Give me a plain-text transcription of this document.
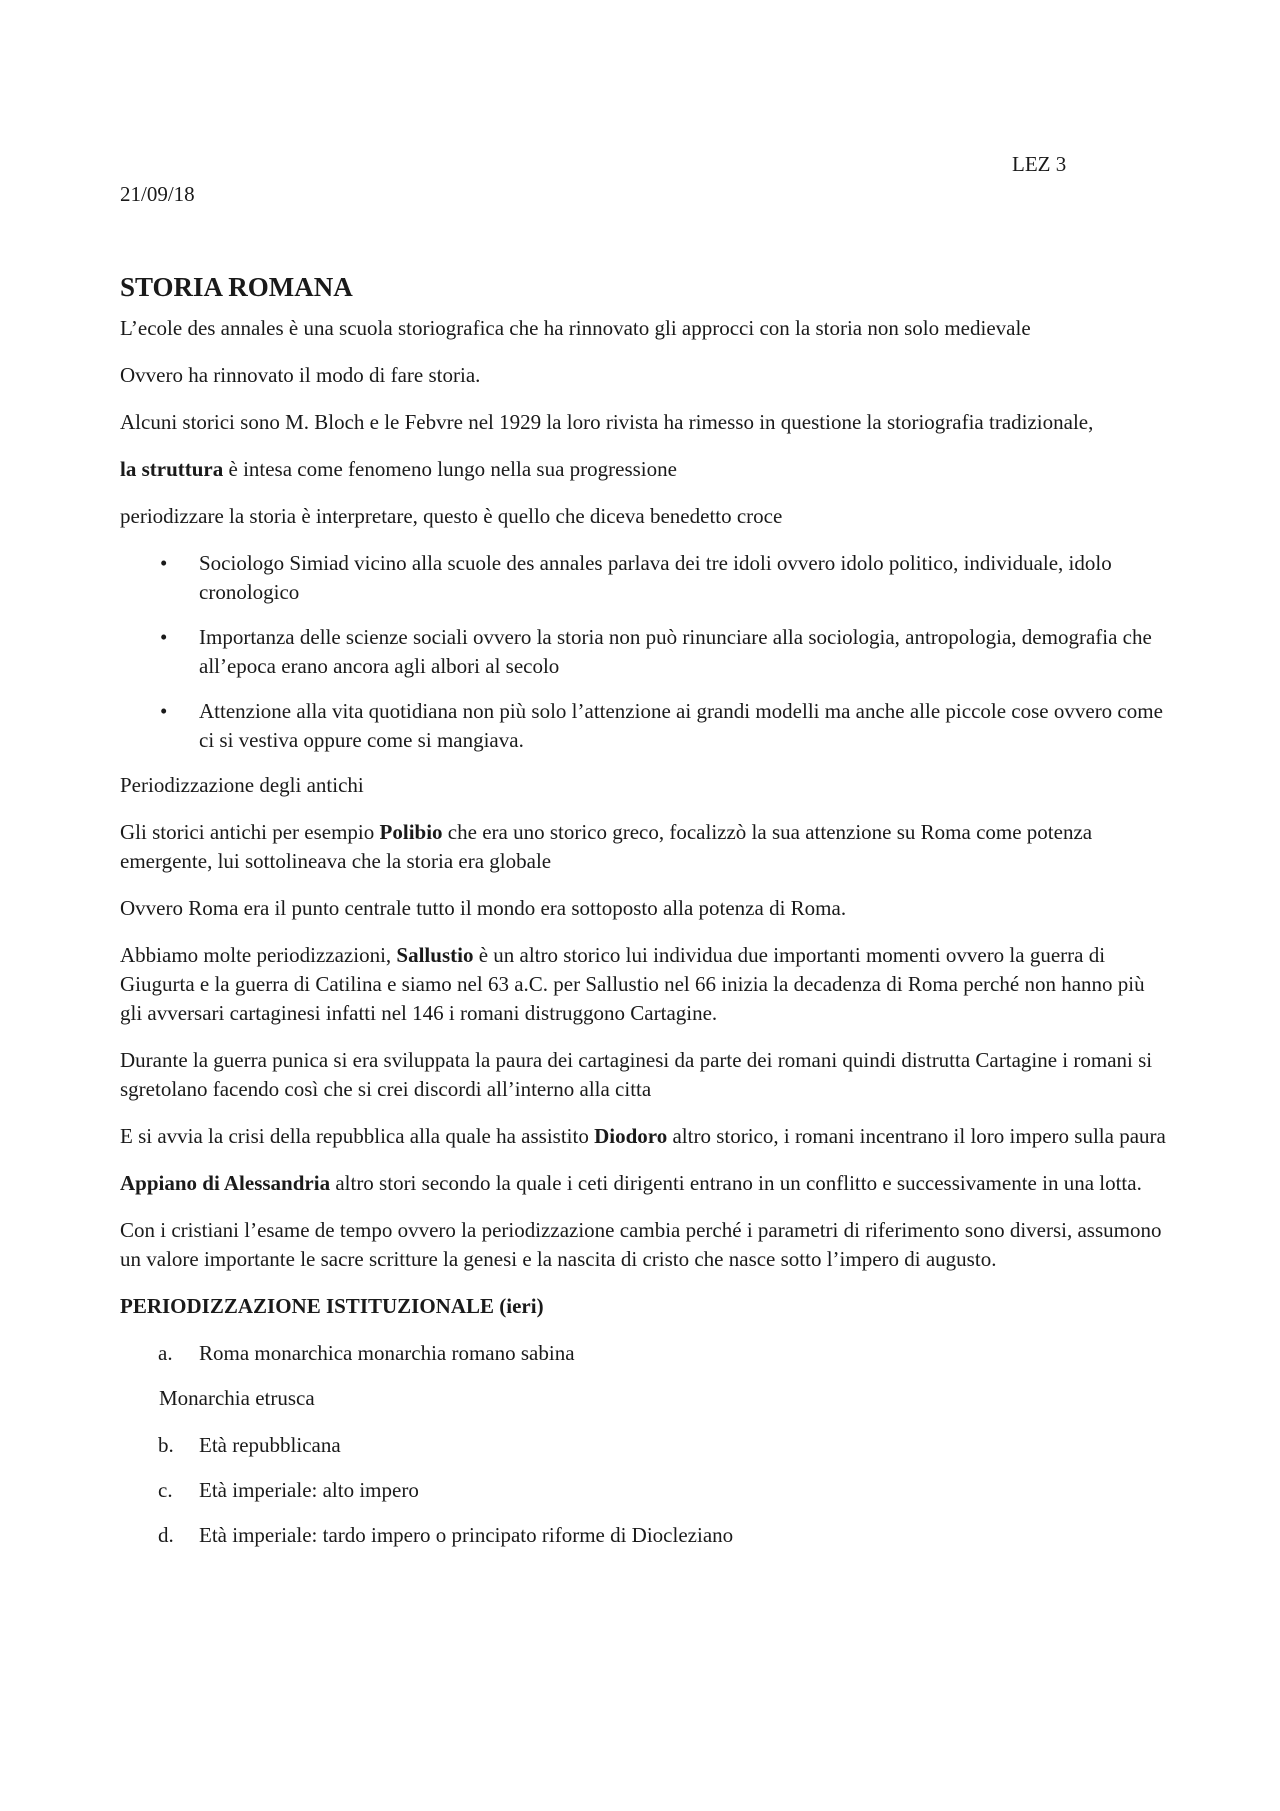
LEZ 3

21/09/18

STORIA ROMANA

L’ecole des annales è una scuola storiografica che ha rinnovato gli approcci con la storia non solo medievale

Ovvero ha rinnovato il modo di fare storia.

Alcuni storici sono M. Bloch e le Febvre nel 1929 la loro rivista ha rimesso in questione la storiografia tradizionale,

la struttura è intesa come fenomeno lungo nella sua progressione

periodizzare la storia è interpretare, questo è quello che diceva benedetto croce

• Sociologo Simiad vicino alla scuole des annales parlava dei tre idoli ovvero idolo politico, individuale, idolo cronologico
• Importanza delle scienze sociali ovvero la storia non può rinunciare alla sociologia, antropologia, demografia che all’epoca erano ancora agli albori al secolo
• Attenzione alla vita quotidiana non più solo l’attenzione ai grandi modelli ma anche alle piccole cose ovvero come ci si vestiva oppure come si mangiava.

Periodizzazione degli antichi

Gli storici antichi per esempio Polibio che era uno storico greco, focalizzò la sua attenzione su Roma come potenza emergente, lui sottolineava che la storia era globale

Ovvero Roma era il punto centrale tutto il mondo era sottoposto alla potenza di Roma.

Abbiamo molte periodizzazioni, Sallustio è un altro storico lui individua due importanti momenti ovvero la guerra di Giugurta e la guerra di Catilina e siamo nel 63 a.C. per Sallustio nel 66 inizia la decadenza di Roma perché non hanno più gli avversari cartaginesi infatti nel 146 i romani distruggono Cartagine.

Durante la guerra punica si era sviluppata la paura dei cartaginesi da parte dei romani quindi distrutta Cartagine i romani si sgretolano facendo così che si crei discordi all’interno alla citta

E si avvia la crisi della repubblica alla quale ha assistito Diodoro altro storico, i romani incentrano il loro impero sulla paura

Appiano di Alessandria altro stori secondo la quale i ceti dirigenti entrano in un conflitto e successivamente in una lotta.

Con i cristiani l’esame de tempo ovvero la periodizzazione cambia perché i parametri di riferimento sono diversi, assumono un valore importante le sacre scritture la genesi e la nascita di cristo che nasce sotto l’impero di augusto.

PERIODIZZAZIONE ISTITUZIONALE (ieri)
a. Roma monarchica monarchia romano sabina

Monarchia etrusca

b. Età repubblicana
c. Età imperiale: alto impero
d. Età imperiale: tardo impero o principato riforme di Diocleziano
